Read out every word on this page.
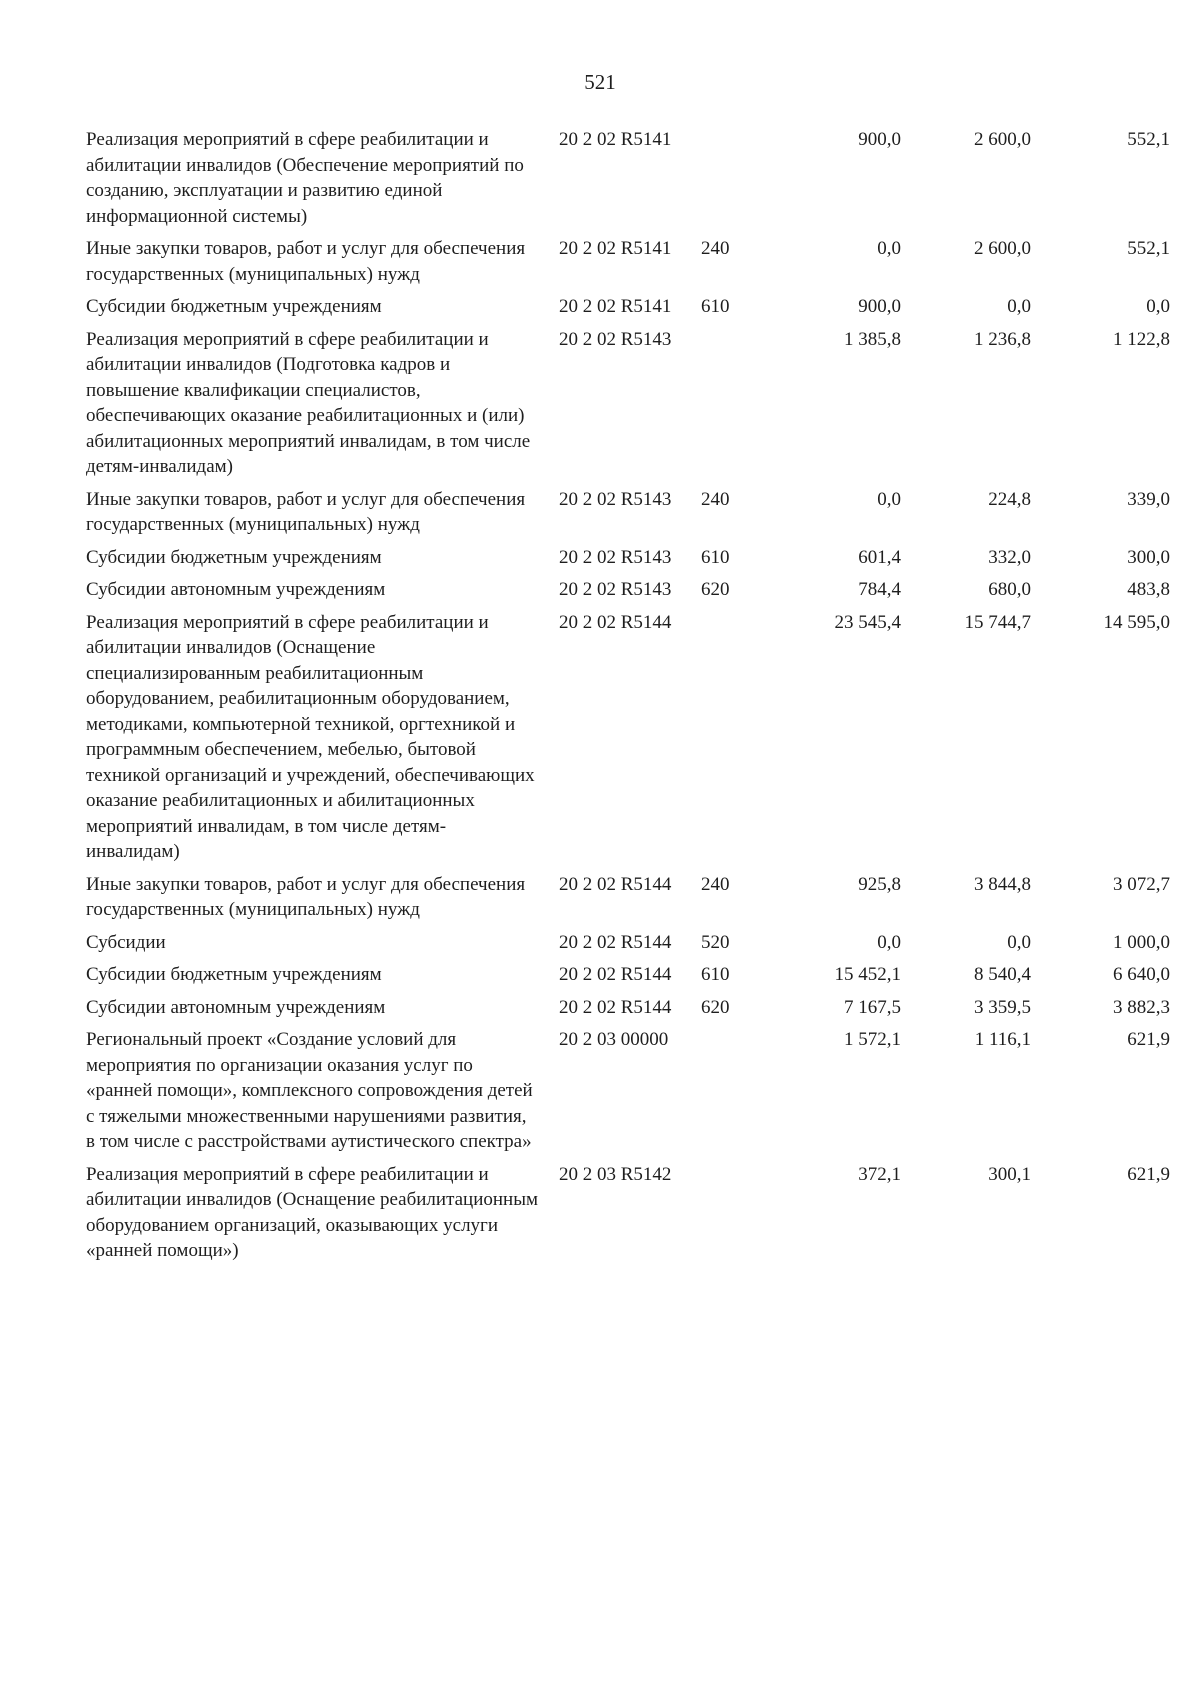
521
Реализация мероприятий в сфере реабилитации и абилитации инвалидов (Обеспечение мероприятий по созданию, эксплуатации и развитию единой информационной системы)	20 2 02 R5141		900,0	2 600,0	552,1
Иные закупки товаров, работ и услуг для обеспечения государственных (муниципальных) нужд	20 2 02 R5141	240	0,0	2 600,0	552,1
Субсидии бюджетным учреждениям	20 2 02 R5141	610	900,0	0,0	0,0
Реализация мероприятий в сфере реабилитации и абилитации инвалидов (Подготовка кадров и повышение квалификации специалистов, обеспечивающих оказание реабилитационных и (или) абилитационных мероприятий инвалидам, в том числе детям-инвалидам)	20 2 02 R5143		1 385,8	1 236,8	1 122,8
Иные закупки товаров, работ и услуг для обеспечения государственных (муниципальных) нужд	20 2 02 R5143	240	0,0	224,8	339,0
Субсидии бюджетным учреждениям	20 2 02 R5143	610	601,4	332,0	300,0
Субсидии автономным учреждениям	20 2 02 R5143	620	784,4	680,0	483,8
Реализация мероприятий в сфере реабилитации и абилитации инвалидов (Оснащение специализированным реабилитационным оборудованием, реабилитационным оборудованием, методиками, компьютерной техникой, оргтехникой и программным обеспечением, мебелью, бытовой техникой организаций и учреждений, обеспечивающих оказание реабилитационных и абилитационных мероприятий инвалидам, в том числе детям-инвалидам)	20 2 02 R5144		23 545,4	15 744,7	14 595,0
Иные закупки товаров, работ и услуг для обеспечения государственных (муниципальных) нужд	20 2 02 R5144	240	925,8	3 844,8	3 072,7
Субсидии	20 2 02 R5144	520	0,0	0,0	1 000,0
Субсидии бюджетным учреждениям	20 2 02 R5144	610	15 452,1	8 540,4	6 640,0
Субсидии автономным учреждениям	20 2 02 R5144	620	7 167,5	3 359,5	3 882,3
Региональный проект «Создание условий для мероприятия по организации оказания услуг по «ранней помощи», комплексного сопровождения детей с тяжелыми множественными нарушениями развития, в том числе с расстройствами аутистического спектра»	20 2 03 00000		1 572,1	1 116,1	621,9
Реализация мероприятий в сфере реабилитации и абилитации инвалидов (Оснащение реабилитационным оборудованием организаций, оказывающих услуги «ранней помощи»)	20 2 03 R5142		372,1	300,1	621,9
